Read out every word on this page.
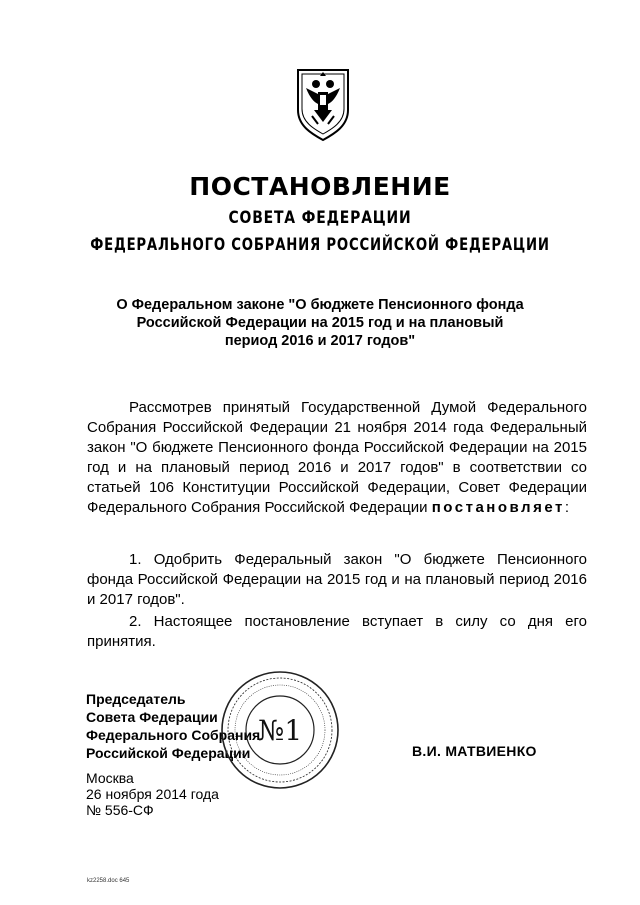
ПОСТАНОВЛЕНИЕ
СОВЕТА ФЕДЕРАЦИИ
ФЕДЕРАЛЬНОГО СОБРАНИЯ РОССИЙСКОЙ ФЕДЕРАЦИИ
О Федеральном законе "О бюджете Пенсионного фонда
Российской Федерации на 2015 год и на плановый
период 2016 и 2017 годов"
Рассмотрев принятый Государственной Думой Федерального Собрания Российской Федерации 21 ноября 2014 года Федеральный закон "О бюджете Пенсионного фонда Российской Федерации на 2015 год и на плановый период 2016 и 2017 годов" в соответствии со статьей 106 Конституции Российской Федерации, Совет Федерации Федерального Собрания Российской Федерации постановляет:
1. Одобрить Федеральный закон "О бюджете Пенсионного фонда Российской Федерации на 2015 год и на плановый период 2016 и 2017 годов".
2. Настоящее постановление вступает в силу со дня его принятия.
Председатель
Совета Федерации
Федерального Собрания
Российской Федерации
№1
В.И. МАТВИЕНКО
Москва
26 ноября 2014 года
№ 556-СФ
kz2258.doc 645
